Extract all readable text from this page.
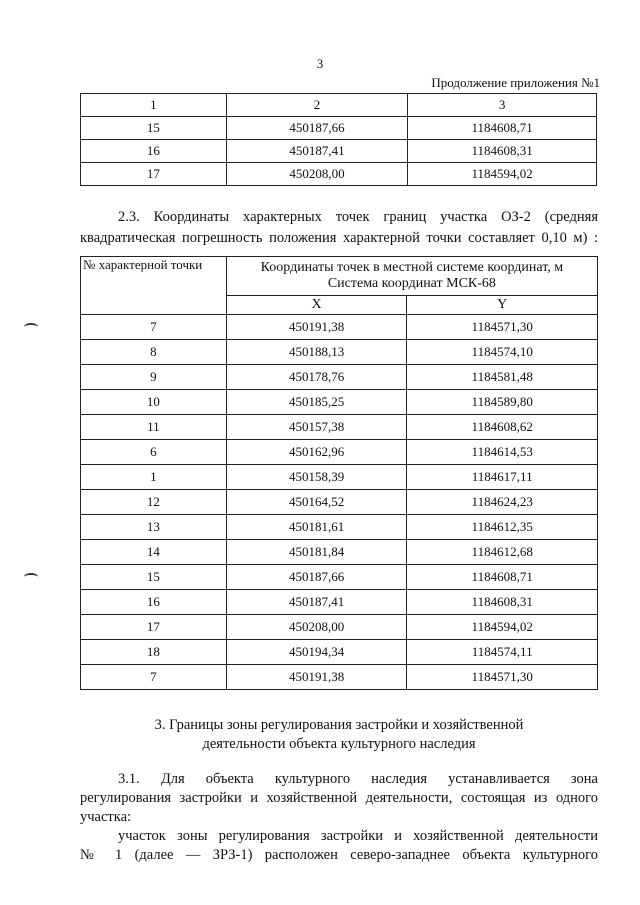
3
Продолжение приложения №1
1	2	3
15	450187,66	1184608,71
16	450187,41	1184608,31
17	450208,00	1184594,02
2.3. Координаты характерных точек границ участка ОЗ-2 (средняя
квадратическая погрешность положения характерной точки составляет 0,10 м) :
№ характерной точки	Координаты точек в местной системе координат, м
Система координат МСК-68	

	X	Y
7	450191,38	1184571,30
8	450188,13	1184574,10
9	450178,76	1184581,48
10	450185,25	1184589,80
11	450157,38	1184608,62
6	450162,96	1184614,53
1	450158,39	1184617,11
12	450164,52	1184624,23
13	450181,61	1184612,35
14	450181,84	1184612,68
15	450187,66	1184608,71
16	450187,41	1184608,31
17	450208,00	1184594,02
18	450194,34	1184574,11
7	450191,38	1184571,30
3. Границы зоны регулирования застройки и хозяйственной
деятельности объекта культурного наследия
3.1. Для объекта культурного наследия устанавливается зона
регулирования застройки и хозяйственной деятельности, состоящая из одного
участка:
участок зоны регулирования застройки и хозяйственной деятельности
№ 1 (далее — ЗРЗ-1) расположен северо-западнее объекта культурного
